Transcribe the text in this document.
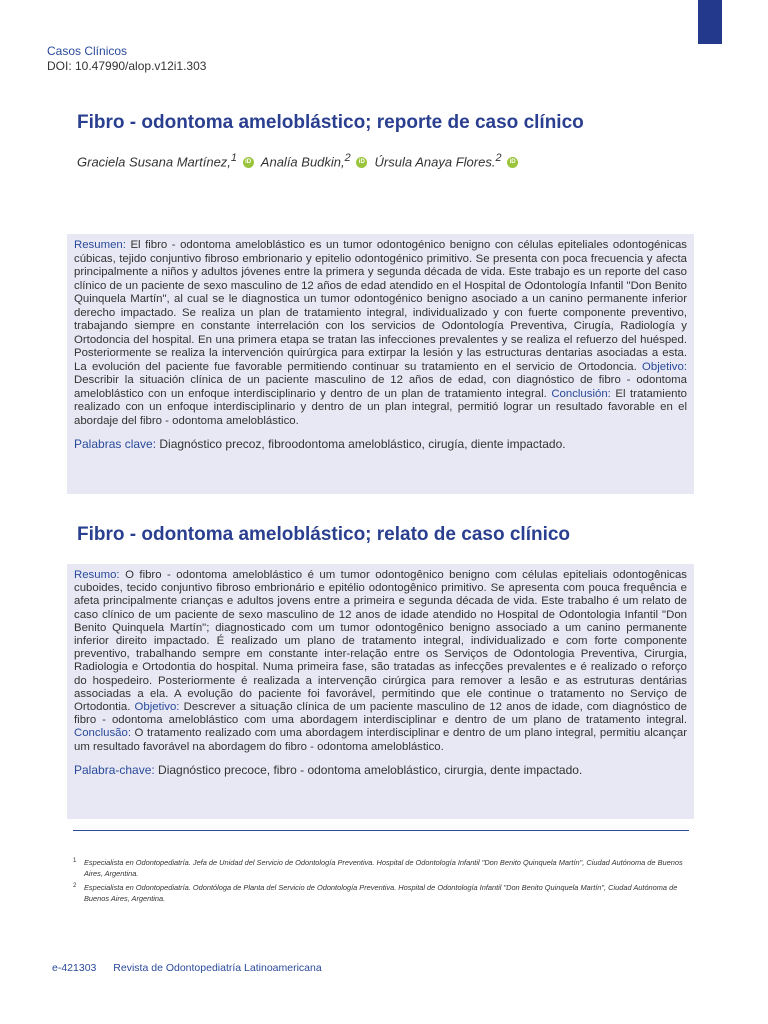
Casos Clínicos
DOI: 10.47990/alop.v12i1.303
Fibro - odontoma ameloblástico; reporte de caso clínico
Graciela Susana Martínez,$^1$ iD Analía Budkin,$^2$ iD Úrsula Anaya Flores.$^2$ iD

Resumen: El fibro - odontoma ameloblástico es un tumor odontogénico benigno con células epiteliales odontogénicas cúbicas, tejido conjuntivo fibroso embrionario y epitelio odontogénico primitivo. Se presenta con poca frecuencia y afecta principalmente a niños y adultos jóvenes entre la primera y segunda década de vida. Este trabajo es un reporte del caso clínico de un paciente de sexo masculino de 12 años de edad atendido en el Hospital de Odontología Infantil "Don Benito Quinquela Martín", al cual se le diagnostica un tumor odontogénico benigno asociado a un canino permanente inferior derecho impactado. Se realiza un plan de tratamiento integral, individualizado y con fuerte componente preventivo, trabajando siempre en constante interrelación con los servicios de Odontología Preventiva, Cirugía, Radiología y Ortodoncia del hospital. En una primera etapa se tratan las infecciones prevalentes y se realiza el refuerzo del huésped. Posteriormente se realiza la intervención quirúrgica para extirpar la lesión y las estructuras dentarias asociadas a esta. La evolución del paciente fue favorable permitiendo continuar su tratamiento en el servicio de Ortodoncia. Objetivo: Describir la situación clínica de un paciente masculino de 12 años de edad, con diagnóstico de fibro - odontoma ameloblástico con un enfoque interdisciplinario y dentro de un plan de tratamiento integral. Conclusión: El tratamiento realizado con un enfoque interdisciplinario y dentro de un plan integral, permitió lograr un resultado favorable en el abordaje del fibro - odontoma ameloblástico.

Palabras clave: Diagnóstico precoz, fibroodontoma ameloblástico, cirugía, diente impactado.

Fibro - odontoma ameloblástico; relato de caso clínico

Resumo: O fibro - odontoma ameloblástico é um tumor odontogênico benigno com células epiteliais odontogênicas cuboides, tecido conjuntivo fibroso embrionário e epitélio odontogênico primitivo. Se apresenta com pouca frequência e afeta principalmente crianças e adultos jovens entre a primeira e segunda década de vida. Este trabalho é um relato de caso clínico de um paciente de sexo masculino de 12 anos de idade atendido no Hospital de Odontologia Infantil "Don Benito Quinquela Martín"; diagnosticado com um tumor odontogênico benigno associado a um canino permanente inferior direito impactado. É realizado um plano de tratamento integral, individualizado e com forte componente preventivo, trabalhando sempre em constante inter-relação entre os Serviços de Odontologia Preventiva, Cirurgia, Radiologia e Ortodontia do hospital. Numa primeira fase, são tratadas as infecções prevalentes e é realizado o reforço do hospedeiro. Posteriormente é realizada a intervenção cirúrgica para remover a lesão e as estruturas dentárias associadas a ela. A evolução do paciente foi favorável, permitindo que ele continue o tratamento no Serviço de Ortodontia. Objetivo: Descrever a situação clínica de um paciente masculino de 12 anos de idade, com diagnóstico de fibro - odontoma ameloblástico com uma abordagem interdisciplinar e dentro de um plano de tratamento integral. Conclusão: O tratamento realizado com uma abordagem interdisciplinar e dentro de um plano integral, permitiu alcançar um resultado favorável na abordagem do fibro - odontoma ameloblástico.

Palabra-chave: Diagnóstico precoce, fibro - odontoma ameloblástico, cirurgia, dente impactado.

1 Especialista en Odontopediatría. Jefa de Unidad del Servicio de Odontología Preventiva. Hospital de Odontología Infantil "Don Benito Quinquela Martín", Ciudad Autónoma de Buenos Aires, Argentina.
2 Especialista en Odontopediatría. Odontóloga de Planta del Servicio de Odontología Preventiva. Hospital de Odontología Infantil "Don Benito Quinquela Martín", Ciudad Autónoma de Buenos Aires, Argentina.
e-421303 Revista de Odontopediatría Latinoamericana
